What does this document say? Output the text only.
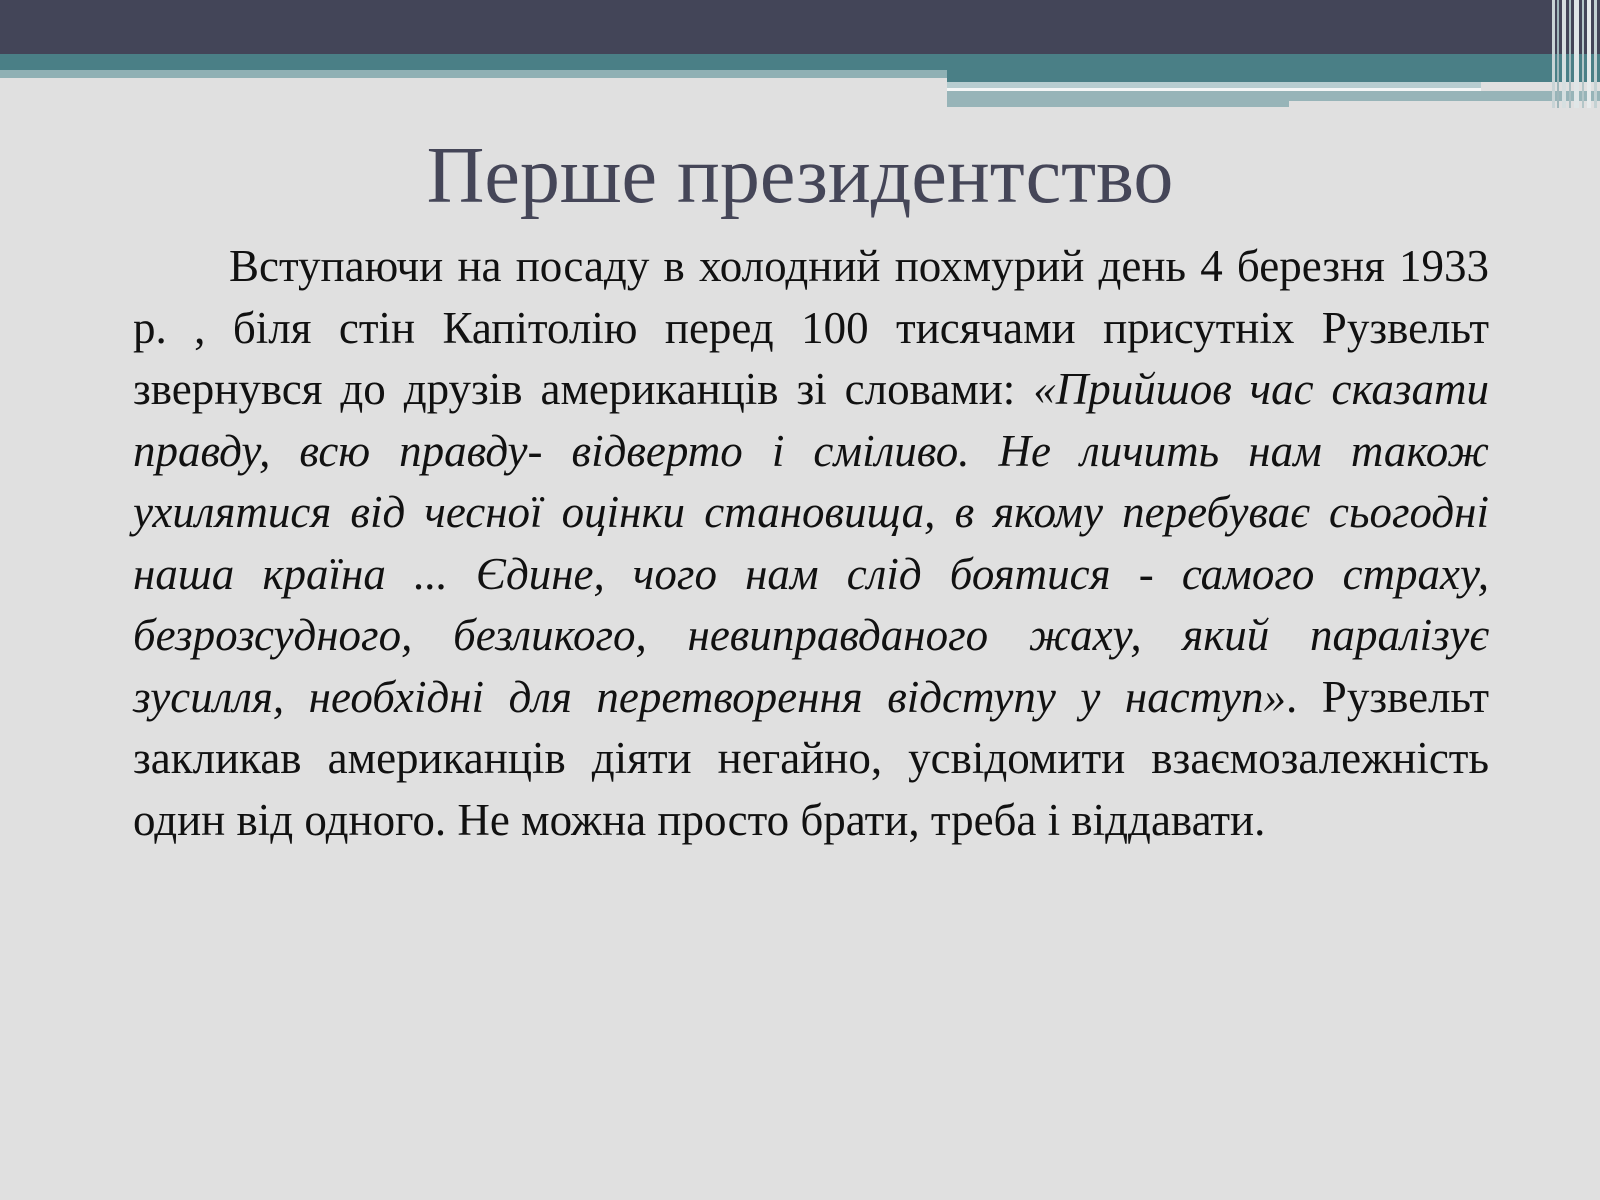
Перше президентство

Вступаючи на посаду в холодний похмурий день 4 березня 1933 р. , біля стін Капітолію перед 100 тисячами присутніх Рузвельт звернувся до друзів американців зі словами: «Прийшов час сказати правду, всю правду- відверто і сміливо. Не личить нам також ухилятися від чесної оцінки становища, в якому перебуває сьогодні наша країна ... Єдине, чого нам слід боятися - самого страху, безрозсудного, безликого, невиправданого жаху, який паралізує зусилля, необхідні для перетворення відступу у наступ». Рузвельт закликав американців діяти негайно, усвідомити взаємозалежність один від одного. Не можна просто брати, треба і віддавати.
